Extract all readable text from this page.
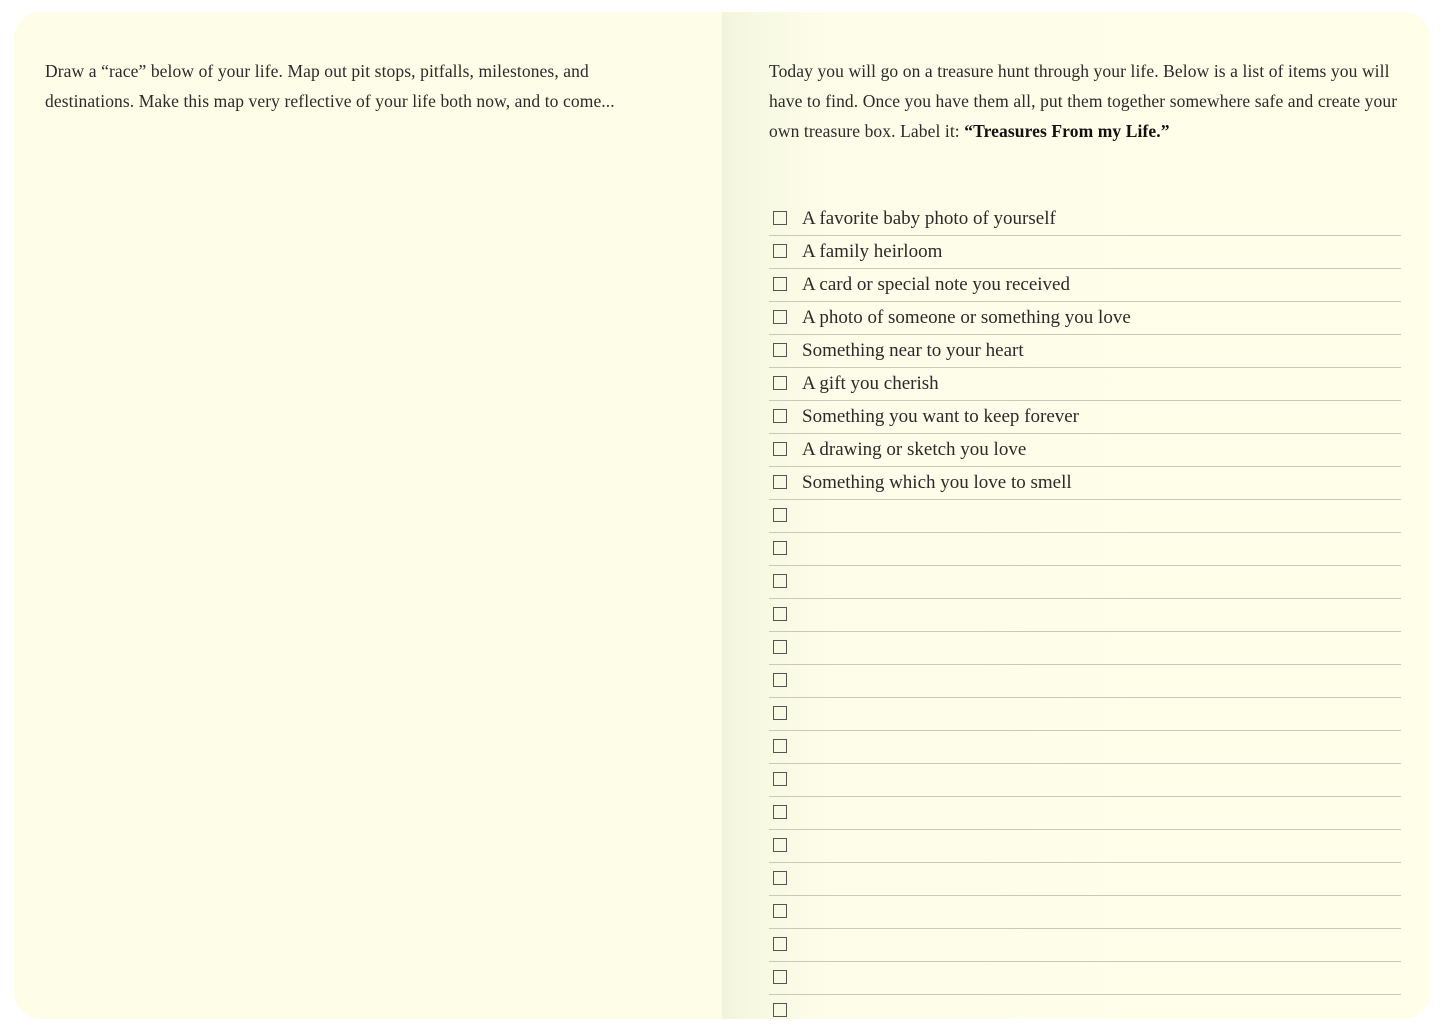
Draw a “race” below of your life. Map out pit stops, pitfalls, milestones, and destinations. Make this map very reflective of your life both now, and to come...

Today you will go on a treasure hunt through your life. Below is a list of items you will have to find. Once you have them all, put them together somewhere safe and create your own treasure box. Label it: “Treasures From my Life.”

A favorite baby photo of yourself
A family heirloom
A card or special note you received
A photo of someone or something you love
Something near to your heart
A gift you cherish
Something you want to keep forever
A drawing or sketch you love
Something which you love to smell
